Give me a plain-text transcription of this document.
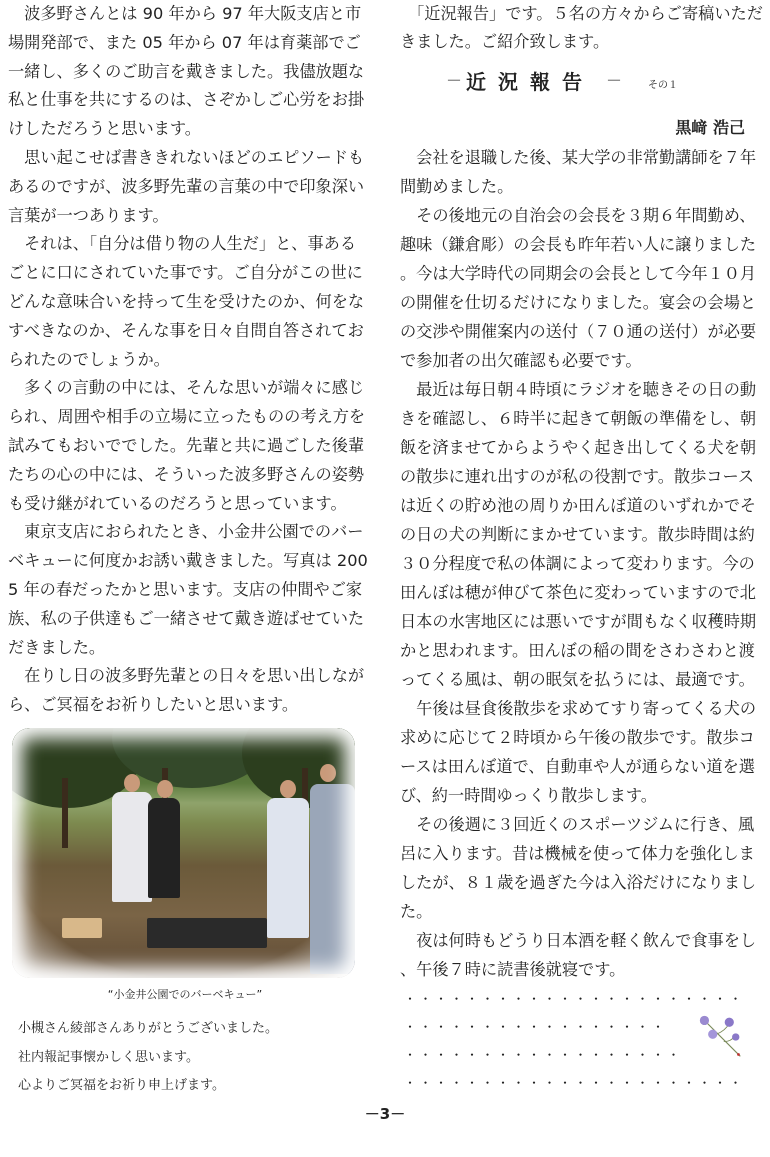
　波多野さんとは 90 年から 97 年大阪支店と市
場開発部で、また 05 年から 07 年は育薬部でご
一緒し、多くのご助言を戴きました。我儘放題な
私と仕事を共にするのは、さぞかしご心労をお掛
けしただろうと思います。
　思い起こせば書ききれないほどのエピソードも
あるのですが、波多野先輩の言葉の中で印象深い
言葉が一つあります。
　それは、「自分は借り物の人生だ」と、事ある
ごとに口にされていた事です。ご自分がこの世に
どんな意味合いを持って生を受けたのか、何をな
すべきなのか、そんな事を日々自問自答されてお
られたのでしょうか。
　多くの言動の中には、そんな思いが端々に感じ
られ、周囲や相手の立場に立ったものの考え方を
試みてもおいででした。先輩と共に過ごした後輩
たちの心の中には、そういった波多野さんの姿勢
も受け継がれているのだろうと思っています。
　東京支店におられたとき、小金井公園でのバー
ベキューに何度かお誘い戴きました。写真は 200
5 年の春だったかと思います。支店の仲間やご家
族、私の子供達もご一緒させて戴き遊ばせていた
だきました。
　在りし日の波多野先輩との日々を思い出しなが
ら、ご冥福をお祈りしたいと思います。
“小金井公園でのバーベキュー”
小槻さん綾部さんありがとうございました。
社内報記事懐かしく思います。
心よりご冥福をお祈り申上げます。
　「近況報告」です。５名の方々からご寄稿いただ
きました。ご紹介致します。
－ 近況報告 －	その１
黒﨑 浩己
　会社を退職した後、某大学の非常勤講師を７年
間勤めました。
　その後地元の自治会の会長を３期６年間勤め、
趣味（鎌倉彫）の会長も昨年若い人に譲りました
。今は大学時代の同期会の会長として今年１０月
の開催を仕切るだけになりました。宴会の会場と
の交渉や開催案内の送付（７０通の送付）が必要
で参加者の出欠確認も必要です。
　最近は毎日朝４時頃にラジオを聴きその日の動
きを確認し、６時半に起きて朝飯の準備をし、朝
飯を済ませてからようやく起き出してくる犬を朝
の散歩に連れ出すのが私の役割です。散歩コース
は近くの貯め池の周りか田んぼ道のいずれかでそ
の日の犬の判断にまかせています。散歩時間は約
３０分程度で私の体調によって変わります。今の
田んぼは穂が伸びて茶色に変わっていますので北
日本の水害地区には悪いですが間もなく収穫時期
かと思われます。田んぼの稲の間をさわさわと渡
ってくる風は、朝の眠気を払うには、最適です。
　午後は昼食後散歩を求めてすり寄ってくる犬の
求めに応じて２時頃から午後の散歩です。散歩コ
ースは田んぼ道で、自動車や人が通らない道を選
び、約一時間ゆっくり散歩します。
　その後週に３回近くのスポーツジムに行き、風
呂に入ります。昔は機械を使って体力を強化しま
したが、８１歳を過ぎた今は入浴だけになりまし
た。
　夜は何時もどうり日本酒を軽く飲んで食事をし
、午後７時に読書後就寝です。
・・・・・・・・・・・・・・・・・・・・・・
・・・・・・・・・・・・・・・・・
・・・・・・・・・・・・・・・・・・
・・・・・・・・・・・・・・・・・・・・・・
－3－
